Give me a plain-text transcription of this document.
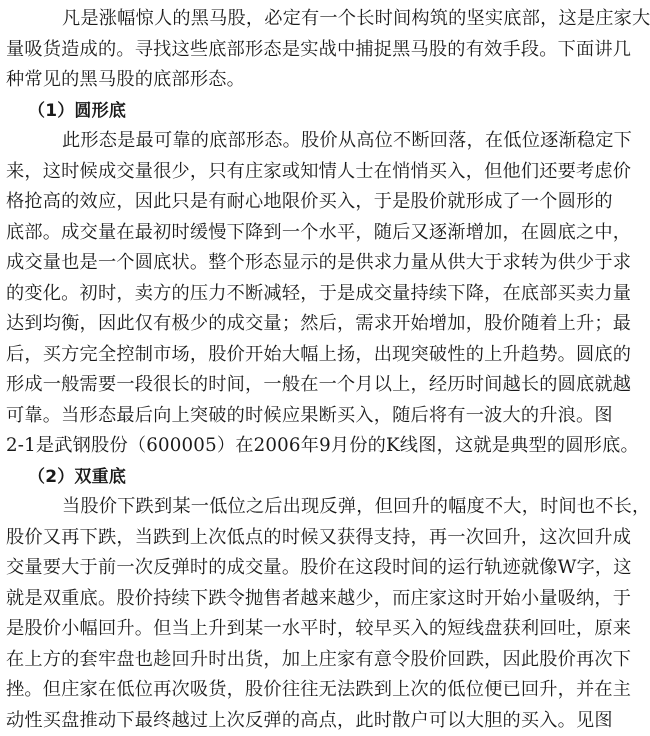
凡是涨幅惊人的黑马股，必定有一个长时间构筑的坚实底部，这是庄家大
量吸货造成的。寻找这些底部形态是实战中捕捉黑马股的有效手段。下面讲几
种常见的黑马股的底部形态。
（1）圆形底
此形态是最可靠的底部形态。股价从高位不断回落，在低位逐渐稳定下
来，这时候成交量很少，只有庄家或知情人士在悄悄买入，但他们还要考虑价
格抢高的效应，因此只是有耐心地限价买入，于是股价就形成了一个圆形的
底部。成交量在最初时缓慢下降到一个水平，随后又逐渐增加，在圆底之中，
成交量也是一个圆底状。整个形态显示的是供求力量从供大于求转为供少于求
的变化。初时，卖方的压力不断减轻，于是成交量持续下降，在底部买卖力量
达到均衡，因此仅有极少的成交量；然后，需求开始增加，股价随着上升；最
后，买方完全控制市场，股价开始大幅上扬，出现突破性的上升趋势。圆底的
形成一般需要一段很长的时间，一般在一个月以上，经历时间越长的圆底就越
可靠。当形态最后向上突破的时候应果断买入，随后将有一波大的升浪。图
2-1是武钢股份（600005）在2006年9月份的K线图，这就是典型的圆形底。
（2）双重底
当股价下跌到某一低位之后出现反弹，但回升的幅度不大，时间也不长，
股价又再下跌，当跌到上次低点的时候又获得支持，再一次回升，这次回升成
交量要大于前一次反弹时的成交量。股价在这段时间的运行轨迹就像W字，这
就是双重底。股价持续下跌令抛售者越来越少，而庄家这时开始小量吸纳，于
是股价小幅回升。但当上升到某一水平时，较早买入的短线盘获利回吐，原来
在上方的套牢盘也趁回升时出货，加上庄家有意令股价回跌，因此股价再次下
挫。但庄家在低位再次吸货，股价往往无法跌到上次的低位便已回升，并在主
动性买盘推动下最终越过上次反弹的高点，此时散户可以大胆的买入。见图
